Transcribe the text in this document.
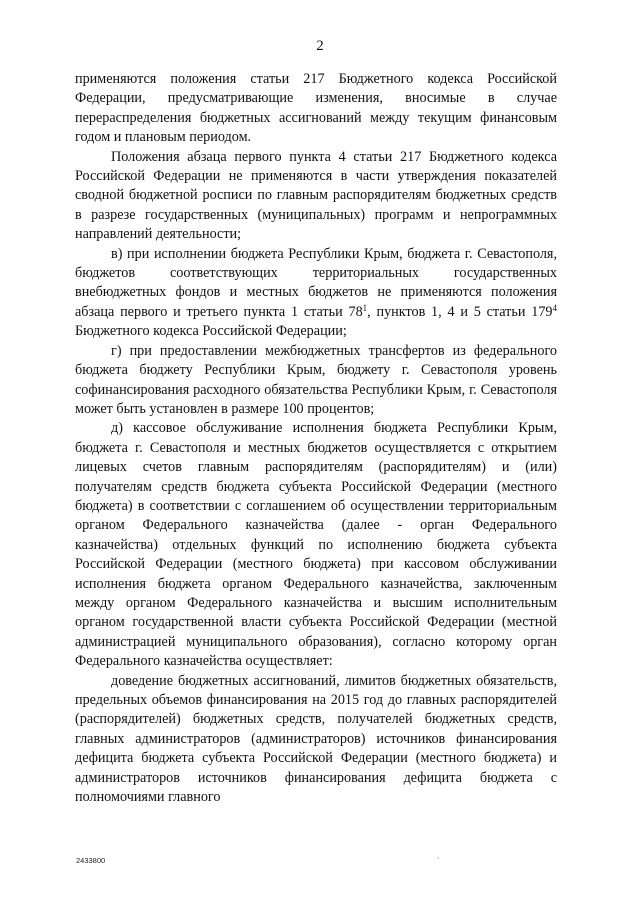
2

применяются положения статьи 217 Бюджетного кодекса Российской Федерации, предусматривающие изменения, вносимые в случае перераспределения бюджетных ассигнований между текущим финансовым годом и плановым периодом.

Положения абзаца первого пункта 4 статьи 217 Бюджетного кодекса Российской Федерации не применяются в части утверждения показателей сводной бюджетной росписи по главным распорядителям бюджетных средств в разрезе государственных (муниципальных) программ и непрограммных направлений деятельности;

в) при исполнении бюджета Республики Крым, бюджета г. Севастополя, бюджетов соответствующих территориальных государственных внебюджетных фондов и местных бюджетов не применяются положения абзаца первого и третьего пункта 1 статьи $78^1$, пунктов 1, 4 и 5 статьи $179^4$ Бюджетного кодекса Российской Федерации;

г) при предоставлении межбюджетных трансфертов из федерального бюджета бюджету Республики Крым, бюджету г. Севастополя уровень софинансирования расходного обязательства Республики Крым, г. Севастополя может быть установлен в размере 100 процентов;

д) кассовое обслуживание исполнения бюджета Республики Крым, бюджета г. Севастополя и местных бюджетов осуществляется с открытием лицевых счетов главным распорядителям (распорядителям) и (или) получателям средств бюджета субъекта Российской Федерации (местного бюджета) в соответствии с соглашением об осуществлении территориальным органом Федерального казначейства (далее - орган Федерального казначейства) отдельных функций по исполнению бюджета субъекта Российской Федерации (местного бюджета) при кассовом обслуживании исполнения бюджета органом Федерального казначейства, заключенным между органом Федерального казначейства и высшим исполнительным органом государственной власти субъекта Российской Федерации (местной администрацией муниципального образования), согласно которому орган Федерального казначейства осуществляет:

доведение бюджетных ассигнований, лимитов бюджетных обязательств, предельных объемов финансирования на 2015 год до главных распорядителей (распорядителей) бюджетных средств, получателей бюджетных средств, главных администраторов (администраторов) источников финансирования дефицита бюджета субъекта Российской Федерации (местного бюджета) и администраторов источников финансирования дефицита бюджета с полномочиями главного

2433800	·
